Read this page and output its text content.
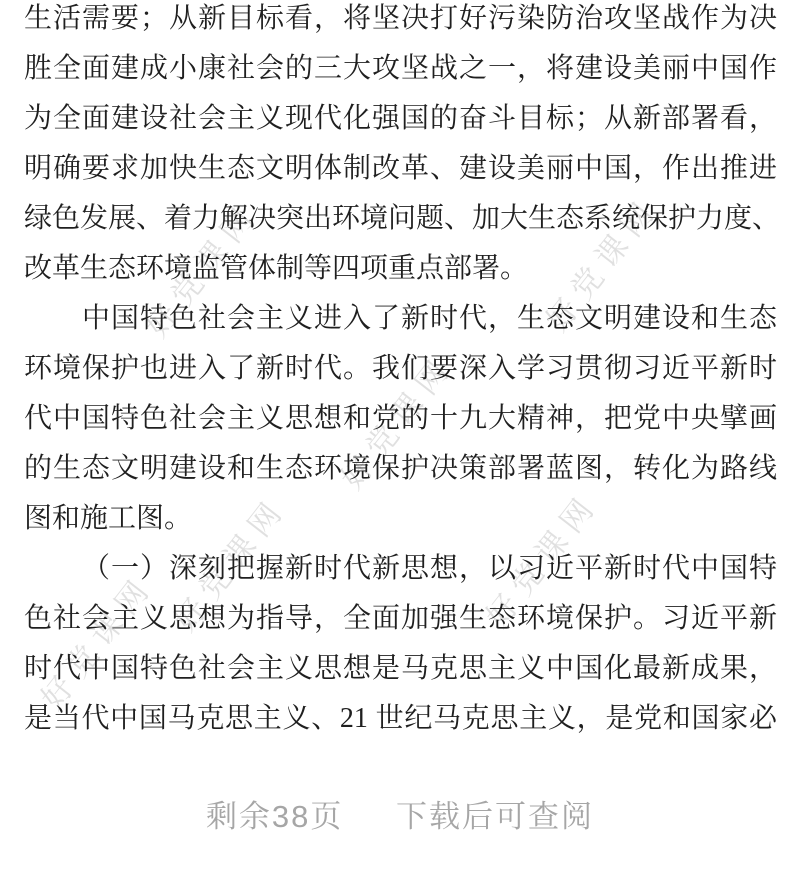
好党课网
好党课网
好党课网
好党课网
好党课网
好党课网
生活需要；从新目标看，将坚决打好污染防治攻坚战作为决
胜全面建成小康社会的三大攻坚战之一，将建设美丽中国作
为全面建设社会主义现代化强国的奋斗目标；从新部署看，
明确要求加快生态文明体制改革、建设美丽中国，作出推进
绿色发展、着力解决突出环境问题、加大生态系统保护力度、
改革生态环境监管体制等四项重点部署。
中国特色社会主义进入了新时代，生态文明建设和生态
环境保护也进入了新时代。我们要深入学习贯彻习近平新时
代中国特色社会主义思想和党的十九大精神，把党中央擘画
的生态文明建设和生态环境保护决策部署蓝图，转化为路线
图和施工图。
（一）深刻把握新时代新思想，以习近平新时代中国特
色社会主义思想为指导，全面加强生态环境保护。习近平新
时代中国特色社会主义思想是马克思主义中国化最新成果，
是当代中国马克思主义、21 世纪马克思主义，是党和国家必
剩余38页 下载后可查阅
